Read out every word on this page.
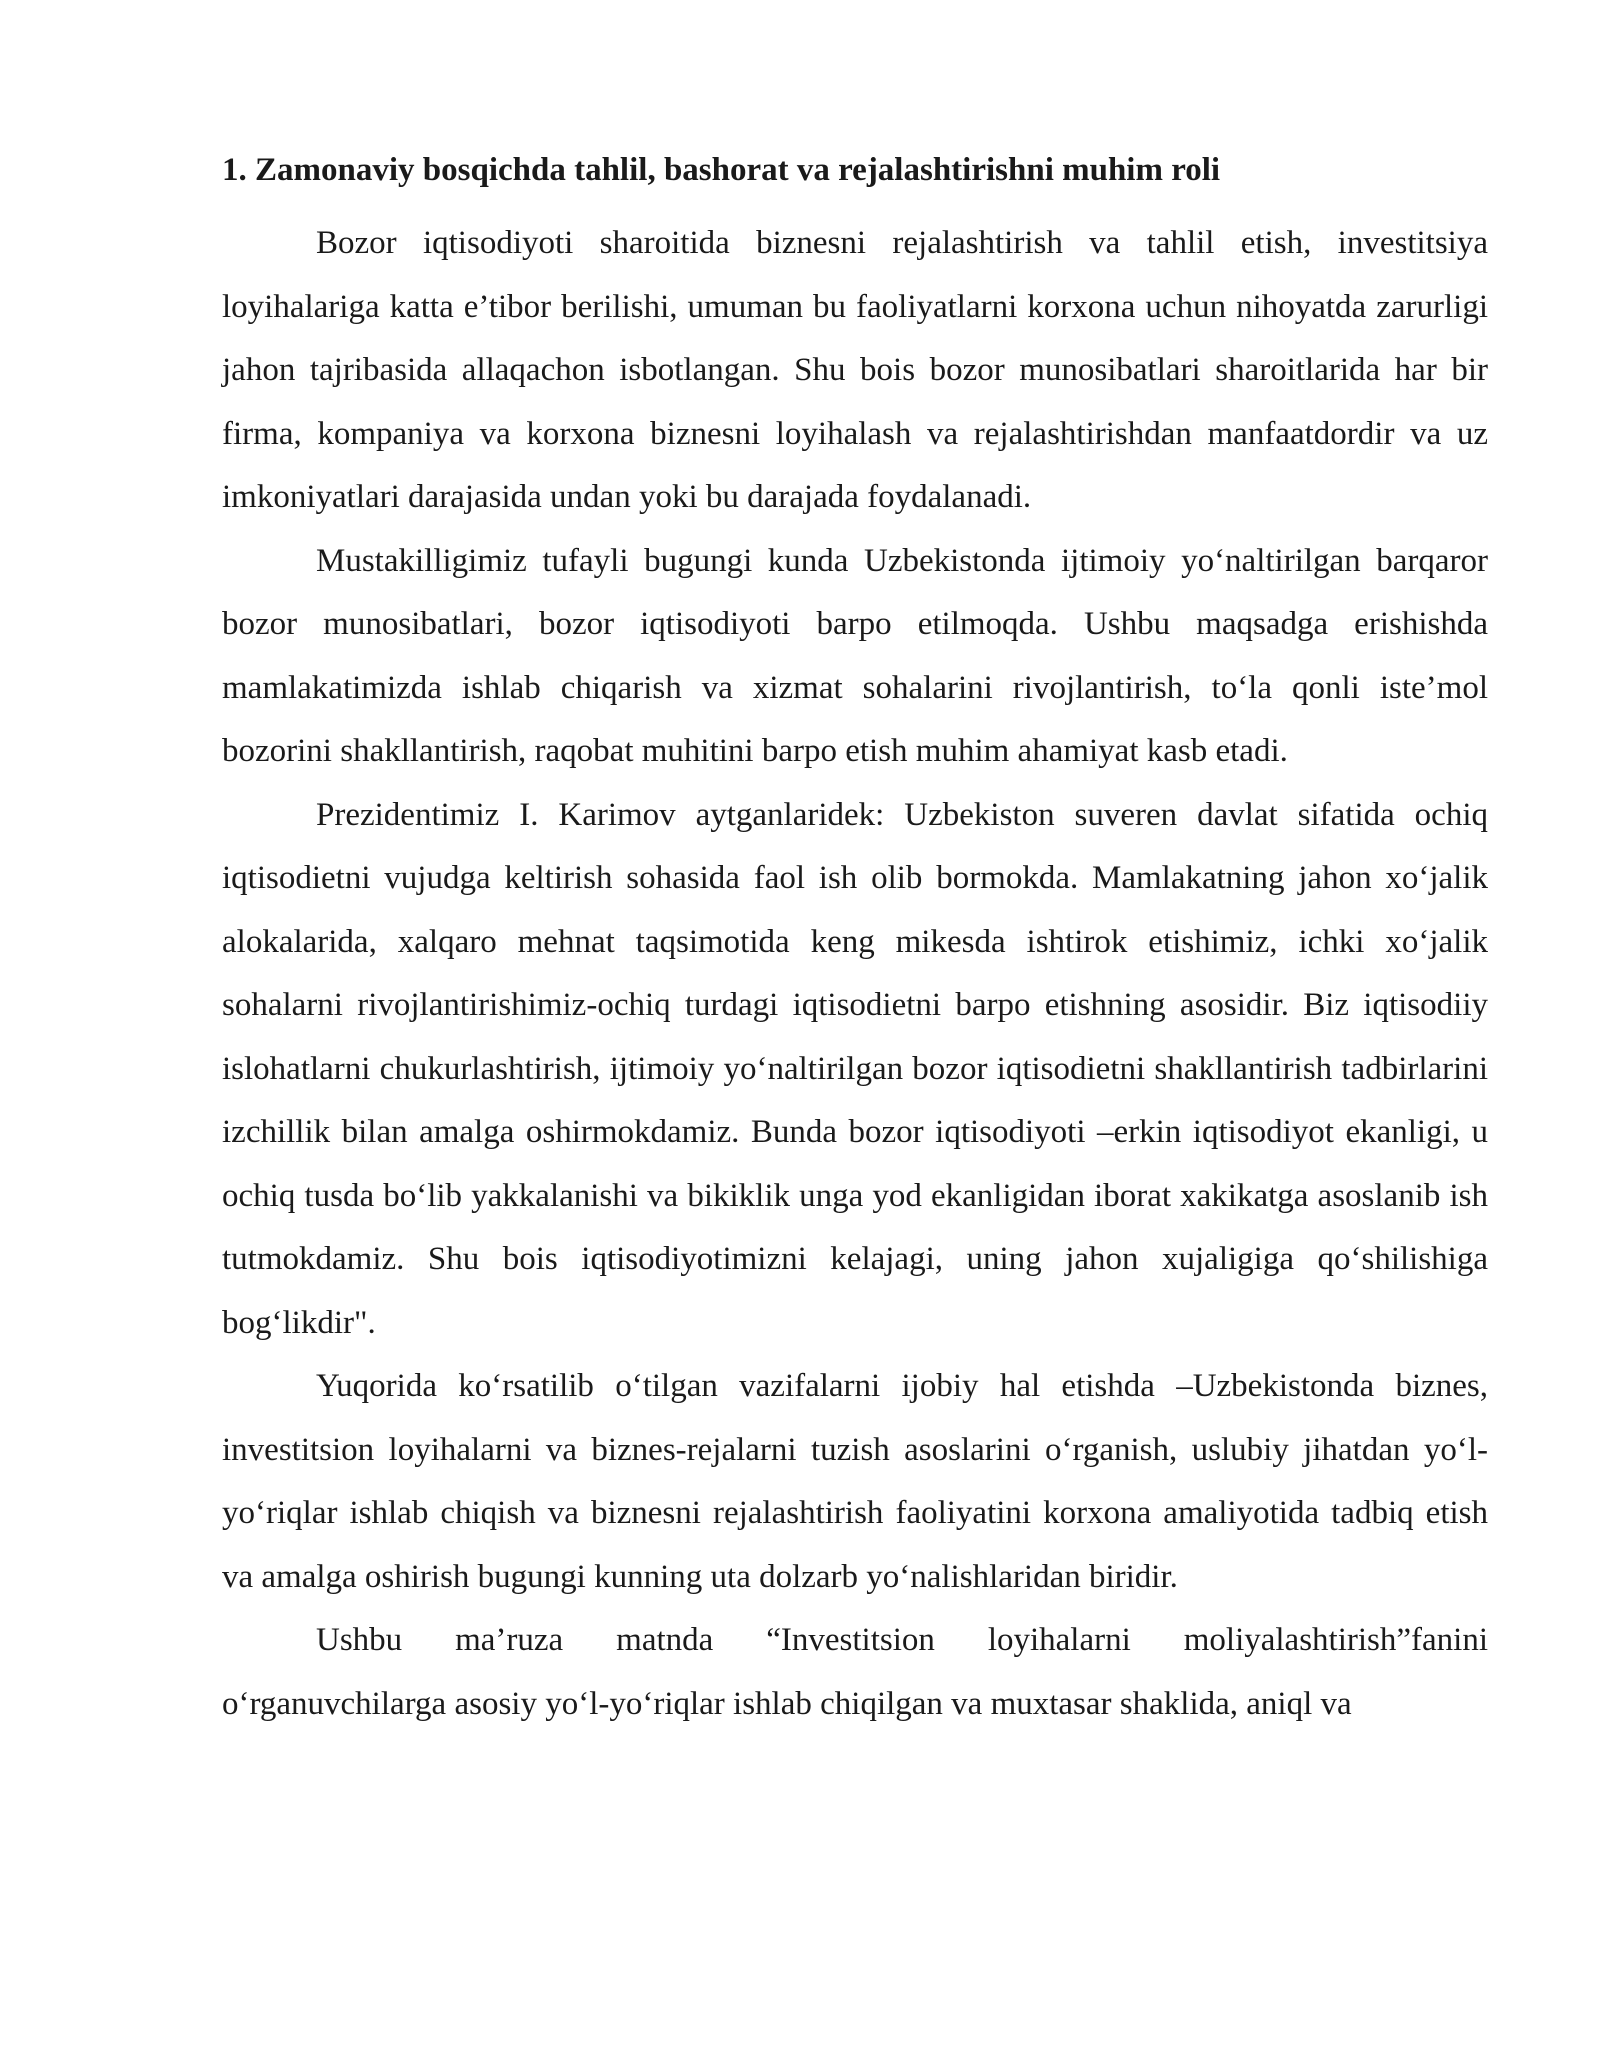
1. Zamonaviy bosqichda tahlil, bashorat va rejalashtirishni muhim roli

Bozor iqtisodiyoti sharoitida biznesni rejalashtirish va tahlil etish, investitsiya loyihalariga katta e’tibor berilishi, umuman bu faoliyatlarni korxona uchun nihoyatda zarurligi jahon tajribasida allaqachon isbotlangan. Shu bois bozor munosibatlari sharoitlarida har bir firma, kompaniya va korxona biznesni loyihalash va rejalashtirishdan manfaatdordir va uz imkoniyatlari darajasida undan yoki bu darajada foydalanadi.

Mustakilligimiz tufayli bugungi kunda Uzbekistonda ijtimoiy yo‘naltirilgan barqaror bozor munosibatlari, bozor iqtisodiyoti barpo etilmoqda. Ushbu maqsadga erishishda mamlakatimizda ishlab chiqarish va xizmat sohalarini rivojlantirish, to‘la qonli iste’mol bozorini shakllantirish, raqobat muhitini barpo etish muhim ahamiyat kasb etadi.

Prezidentimiz I. Karimov aytganlaridek: Uzbekiston suveren davlat sifatida ochiq iqtisodietni vujudga keltirish sohasida faol ish olib bormokda. Mamlakatning jahon xo‘jalik alokalarida, xalqaro mehnat taqsimotida keng mikesda ishtirok etishimiz, ichki xo‘jalik sohalarni rivojlantirishimiz-ochiq turdagi iqtisodietni barpo etishning asosidir. Biz iqtisodiiy islohatlarni chukurlashtirish, ijtimoiy yo‘naltirilgan bozor iqtisodietni shakllantirish tadbirlarini izchillik bilan amalga oshirmokdamiz. Bunda bozor iqtisodiyoti –erkin iqtisodiyot ekanligi, u ochiq tusda bo‘lib yakkalanishi va bikiklik unga yod ekanligidan iborat xakikatga asoslanib ish tutmokdamiz. Shu bois iqtisodiyotimizni kelajagi, uning jahon xujaligiga qo‘shilishiga bog‘likdir".

Yuqorida ko‘rsatilib o‘tilgan vazifalarni ijobiy hal etishda –Uzbekistonda biznes, investitsion loyihalarni va biznes-rejalarni tuzish asoslarini o‘rganish, uslubiy jihatdan yo‘l-yo‘riqlar ishlab chiqish va biznesni rejalashtirish faoliyatini korxona amaliyotida tadbiq etish va amalga oshirish bugungi kunning uta dolzarb yo‘nalishlaridan biridir.

Ushbu ma’ruza matnda “Investitsion loyihalarni moliyalashtirish”fanini o‘rganuvchilarga asosiy yo‘l-yo‘riqlar ishlab chiqilgan va muxtasar shaklida, aniql va
